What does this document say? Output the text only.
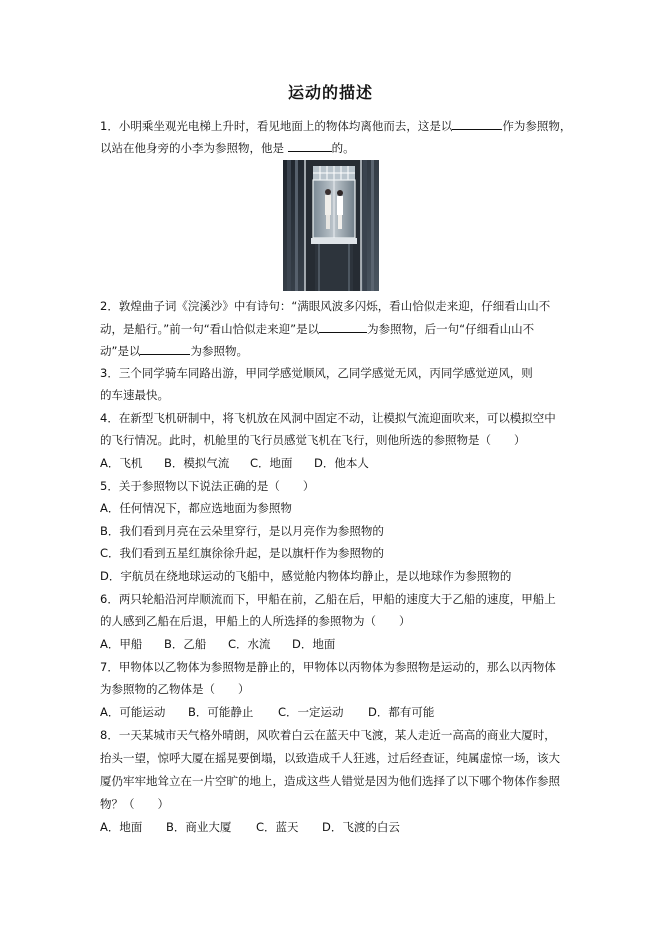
运动的描述
1．小明乘坐观光电梯上升时，看见地面上的物体均离他而去，这是以	作为参照物，
以站在他身旁的小李为参照物，他是	的。
2．敦煌曲子词《浣溪沙》中有诗句：“满眼风波多闪烁，看山恰似走来迎，仔细看山山不
动，是船行。”前一句“看山恰似走来迎”是以	为参照物，后一句“仔细看山山不
动”是以	为参照物。
3．三个同学骑车同路出游，甲同学感觉顺风，乙同学感觉无风，丙同学感觉逆风，则
的车速最快。
4．在新型飞机研制中，将飞机放在风洞中固定不动，让模拟气流迎面吹来，可以模拟空中
的飞行情况。此时，机舱里的飞行员感觉飞机在飞行，则他所选的参照物是（　　）
A．飞机 B．模拟气流 C．地面 D．他本人
5．关于参照物以下说法正确的是（　　）
A．任何情况下，都应选地面为参照物
B．我们看到月亮在云朵里穿行，是以月亮作为参照物的
C．我们看到五星红旗徐徐升起，是以旗杆作为参照物的
D．宇航员在绕地球运动的飞船中，感觉舱内物体均静止，是以地球作为参照物的
6．两只轮船沿河岸顺流而下，甲船在前，乙船在后，甲船的速度大于乙船的速度，甲船上
的人感到乙船在后退，甲船上的人所选择的参照物为（　　）
A．甲船 B．乙船 C．水流 D．地面
7．甲物体以乙物体为参照物是静止的，甲物体以丙物体为参照物是运动的，那么以丙物体
为参照物的乙物体是（　　）
A．可能运动 B．可能静止 C．一定运动 D．都有可能
8．一天某城市天气格外晴朗，风吹着白云在蓝天中飞渡，某人走近一高高的商业大厦时，
抬头一望，惊呼大厦在摇晃要倒塌，以致造成千人狂逃，过后经查证，纯属虚惊一场，该大
厦仍牢牢地耸立在一片空旷的地上，造成这些人错觉是因为他们选择了以下哪个物体作参照
物？（　　）
A．地面 B．商业大厦 C．蓝天 D．飞渡的白云
